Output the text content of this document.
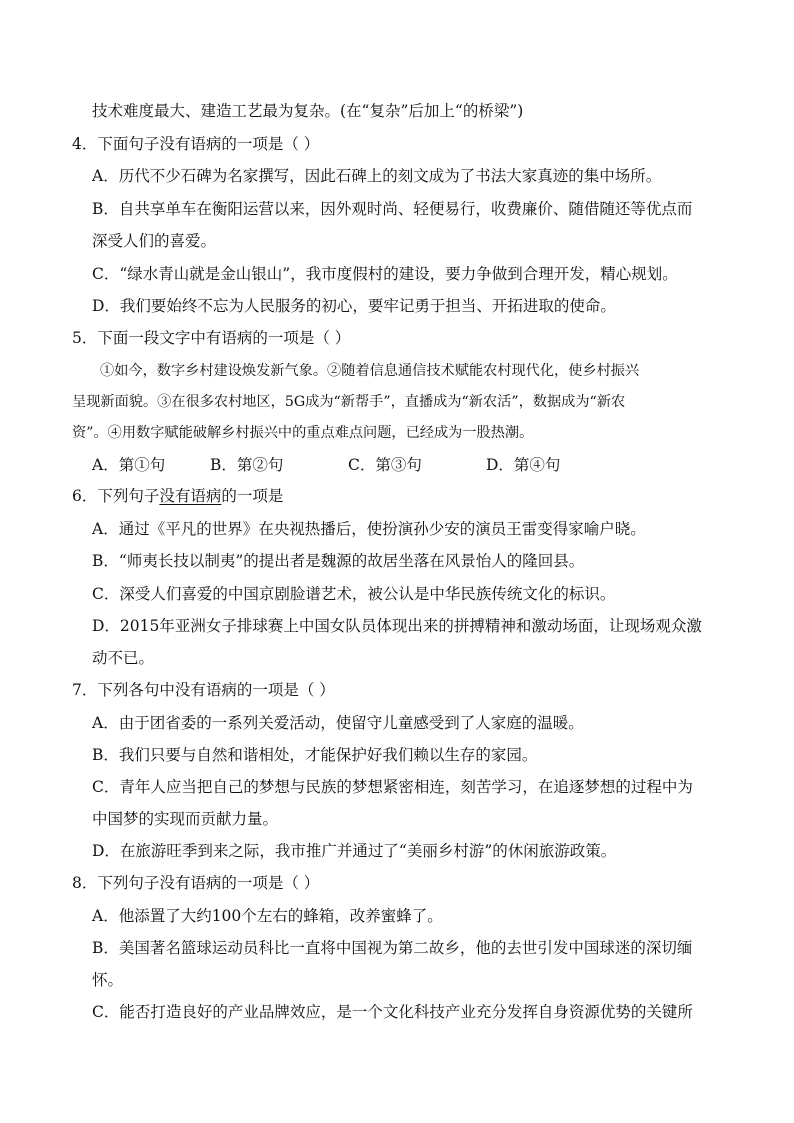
技术难度最大、建造工艺最为复杂。(在“复杂”后加上“的桥梁”)
4．下面句子没有语病的一项是（ ）
A．历代不少石碑为名家撰写，因此石碑上的刻文成为了书法大家真迹的集中场所。
B．自共享单车在衡阳运营以来，因外观时尚、轻便易行，收费廉价、随借随还等优点而
深受人们的喜爱。
C．“绿水青山就是金山银山”，我市度假村的建设，要力争做到合理开发，精心规划。
D．我们要始终不忘为人民服务的初心，要牢记勇于担当、开拓进取的使命。
5．下面一段文字中有语病的一项是（ ）
①如今，数字乡村建设焕发新气象。②随着信息通信技术赋能农村现代化，使乡村振兴
呈现新面貌。③在很多农村地区，5G成为“新帮手”，直播成为“新农活”，数据成为“新农
资”。④用数字赋能破解乡村振兴中的重点难点问题，已经成为一股热潮。
A．第①句	B．第②句	C．第③句	D．第④句
6．下列句子没有语病的一项是
A．通过《平凡的世界》在央视热播后，使扮演孙少安的演员王雷变得家喻户晓。
B．“师夷长技以制夷”的提出者是魏源的故居坐落在风景怡人的隆回县。
C．深受人们喜爱的中国京剧脸谱艺术，被公认是中华民族传统文化的标识。
D．2015年亚洲女子排球赛上中国女队员体现出来的拼搏精神和激动场面，让现场观众激
动不已。
7．下列各句中没有语病的一项是（ ）
A．由于团省委的一系列关爱活动，使留守儿童感受到了人家庭的温暖。
B．我们只要与自然和谐相处，才能保护好我们赖以生存的家园。
C．青年人应当把自己的梦想与民族的梦想紧密相连，刻苦学习，在追逐梦想的过程中为
中国梦的实现而贡献力量。
D．在旅游旺季到来之际，我市推广并通过了“美丽乡村游”的休闲旅游政策。
8．下列句子没有语病的一项是（ ）
A．他添置了大约100个左右的蜂箱，改养蜜蜂了。
B．美国著名篮球运动员科比一直将中国视为第二故乡，他的去世引发中国球迷的深切缅
怀。
C．能否打造良好的产业品牌效应，是一个文化科技产业充分发挥自身资源优势的关键所
